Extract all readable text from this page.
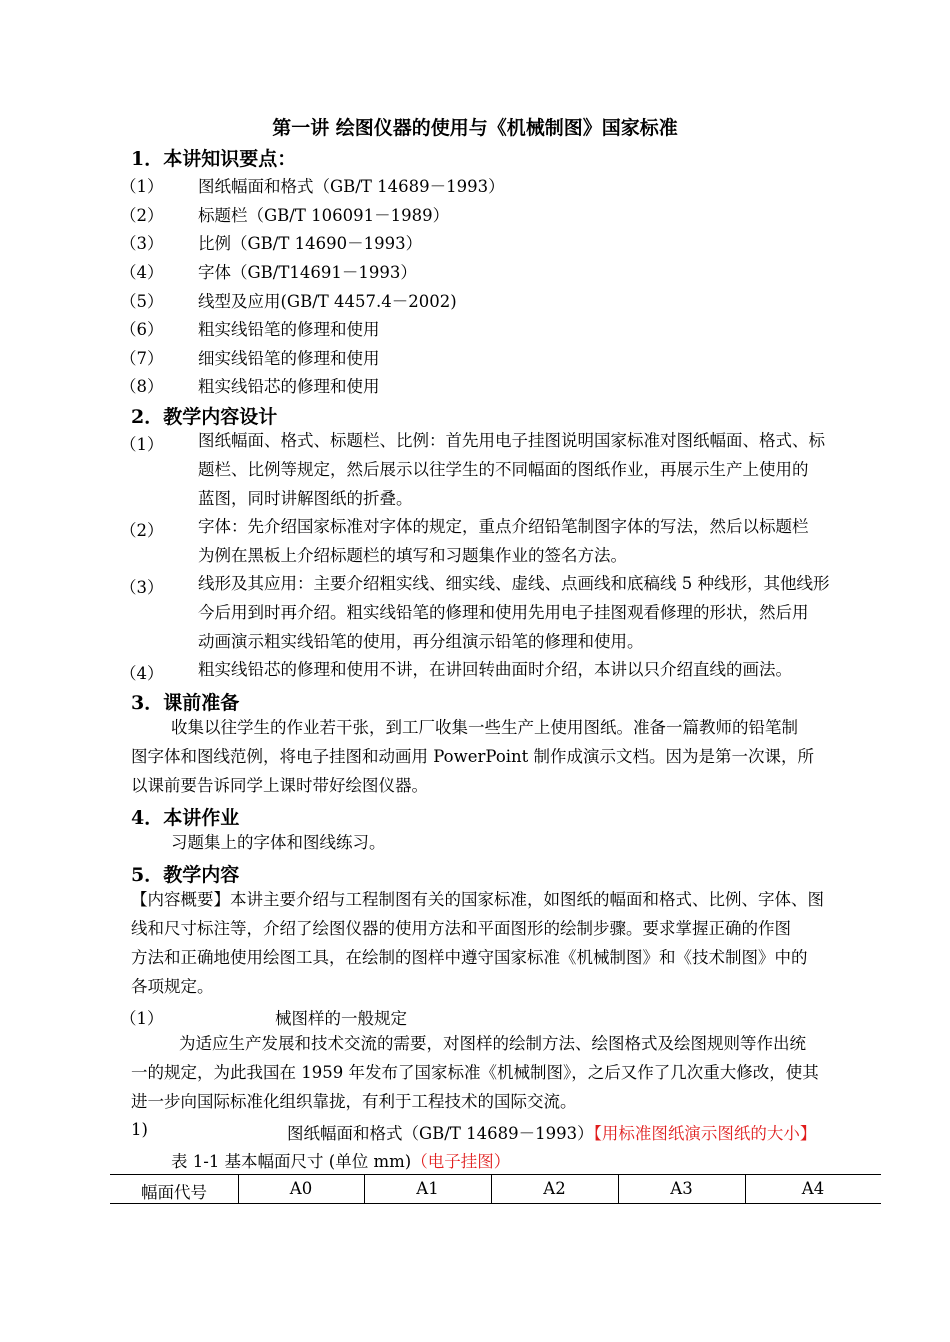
第一讲 绘图仪器的使用与《机械制图》国家标准
1．本讲知识要点：
（1） 图纸幅面和格式（GB/T 14689－1993）
（2） 标题栏（GB/T 106091－1989）
（3） 比例（GB/T 14690－1993）
（4） 字体（GB/T14691－1993）
（5） 线型及应用(GB/T 4457.4－2002)
（6） 粗实线铅笔的修理和使用
（7） 细实线铅笔的修理和使用
（8） 粗实线铅芯的修理和使用
2．教学内容设计
（1） 图纸幅面、格式、标题栏、比例：首先用电子挂图说明国家标准对图纸幅面、格式、标
题栏、比例等规定，然后展示以往学生的不同幅面的图纸作业，再展示生产上使用的
蓝图，同时讲解图纸的折叠。
（2） 字体：先介绍国家标准对字体的规定，重点介绍铅笔制图字体的写法，然后以标题栏
为例在黑板上介绍标题栏的填写和习题集作业的签名方法。
（3） 线形及其应用：主要介绍粗实线、细实线、虚线、点画线和底稿线 5 种线形，其他线形
今后用到时再介绍。粗实线铅笔的修理和使用先用电子挂图观看修理的形状，然后用
动画演示粗实线铅笔的使用，再分组演示铅笔的修理和使用。
（4） 粗实线铅芯的修理和使用不讲，在讲回转曲面时介绍，本讲以只介绍直线的画法。
3．课前准备
收集以往学生的作业若干张，到工厂收集一些生产上使用图纸。准备一篇教师的铅笔制
图字体和图线范例，将电子挂图和动画用 PowerPoint 制作成演示文档。因为是第一次课，所
以课前要告诉同学上课时带好绘图仪器。
4．本讲作业
习题集上的字体和图线练习。
5．教学内容
【内容概要】本讲主要介绍与工程制图有关的国家标准，如图纸的幅面和格式、比例、字体、图
线和尺寸标注等，介绍了绘图仪器的使用方法和平面图形的绘制步骤。要求掌握正确的作图
方法和正确地使用绘图工具，在绘制的图样中遵守国家标准《机械制图》和《技术制图》中的
各项规定。
（1）	械图样的一般规定
为适应生产发展和技术交流的需要，对图样的绘制方法、绘图格式及绘图规则等作出统
一的规定，为此我国在 1959 年发布了国家标准《机械制图》，之后又作了几次重大修改，使其
进一步向国际标准化组织靠拢，有利于工程技术的国际交流。
1)	图纸幅面和格式（GB/T 14689－1993）【用标准图纸演示图纸的大小】
表 1-1 基本幅面尺寸 (单位 mm)（电子挂图）
幅面代号	A0	A1	A2	A3	A4
